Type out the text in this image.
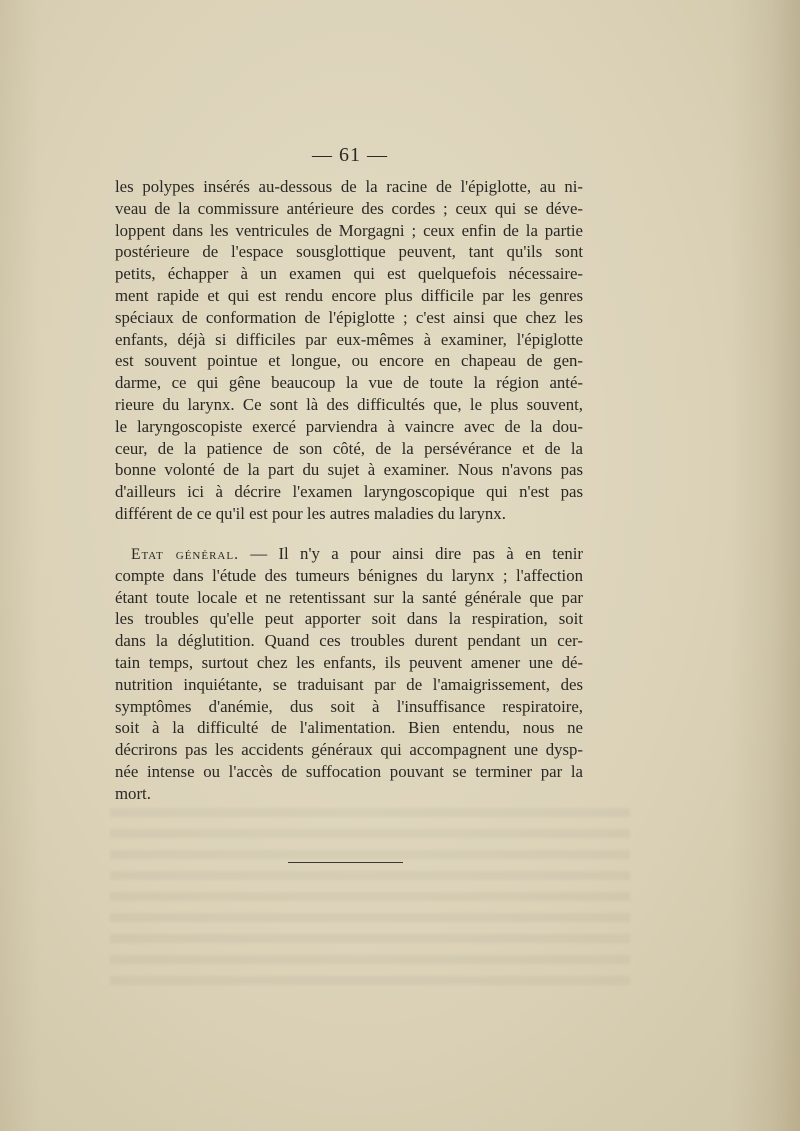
— 61 —
les polypes insérés au-dessous de la racine de l'épiglotte, au ni-
veau de la commissure antérieure des cordes ; ceux qui se déve-
loppent dans les ventricules de Morgagni ; ceux enfin de la partie
postérieure de l'espace sousglottique peuvent, tant qu'ils sont
petits, échapper à un examen qui est quelquefois nécessaire-
ment rapide et qui est rendu encore plus difficile par les genres
spéciaux de conformation de l'épiglotte ; c'est ainsi que chez les
enfants, déjà si difficiles par eux-mêmes à examiner, l'épiglotte
est souvent pointue et longue, ou encore en chapeau de gen-
darme, ce qui gêne beaucoup la vue de toute la région anté-
rieure du larynx. Ce sont là des difficultés que, le plus souvent,
le laryngoscopiste exercé parviendra à vaincre avec de la dou-
ceur, de la patience de son côté, de la persévérance et de la
bonne volonté de la part du sujet à examiner. Nous n'avons pas
d'ailleurs ici à décrire l'examen laryngoscopique qui n'est pas
différent de ce qu'il est pour les autres maladies du larynx.
Etat général. — Il n'y a pour ainsi dire pas à en tenir
compte dans l'étude des tumeurs bénignes du larynx ; l'affection
étant toute locale et ne retentissant sur la santé générale que par
les troubles qu'elle peut apporter soit dans la respiration, soit
dans la déglutition. Quand ces troubles durent pendant un cer-
tain temps, surtout chez les enfants, ils peuvent amener une dé-
nutrition inquiétante, se traduisant par de l'amaigrissement, des
symptômes d'anémie, dus soit à l'insuffisance respiratoire,
soit à la difficulté de l'alimentation. Bien entendu, nous ne
décrirons pas les accidents généraux qui accompagnent une dysp-
née intense ou l'accès de suffocation pouvant se terminer par la
mort.
